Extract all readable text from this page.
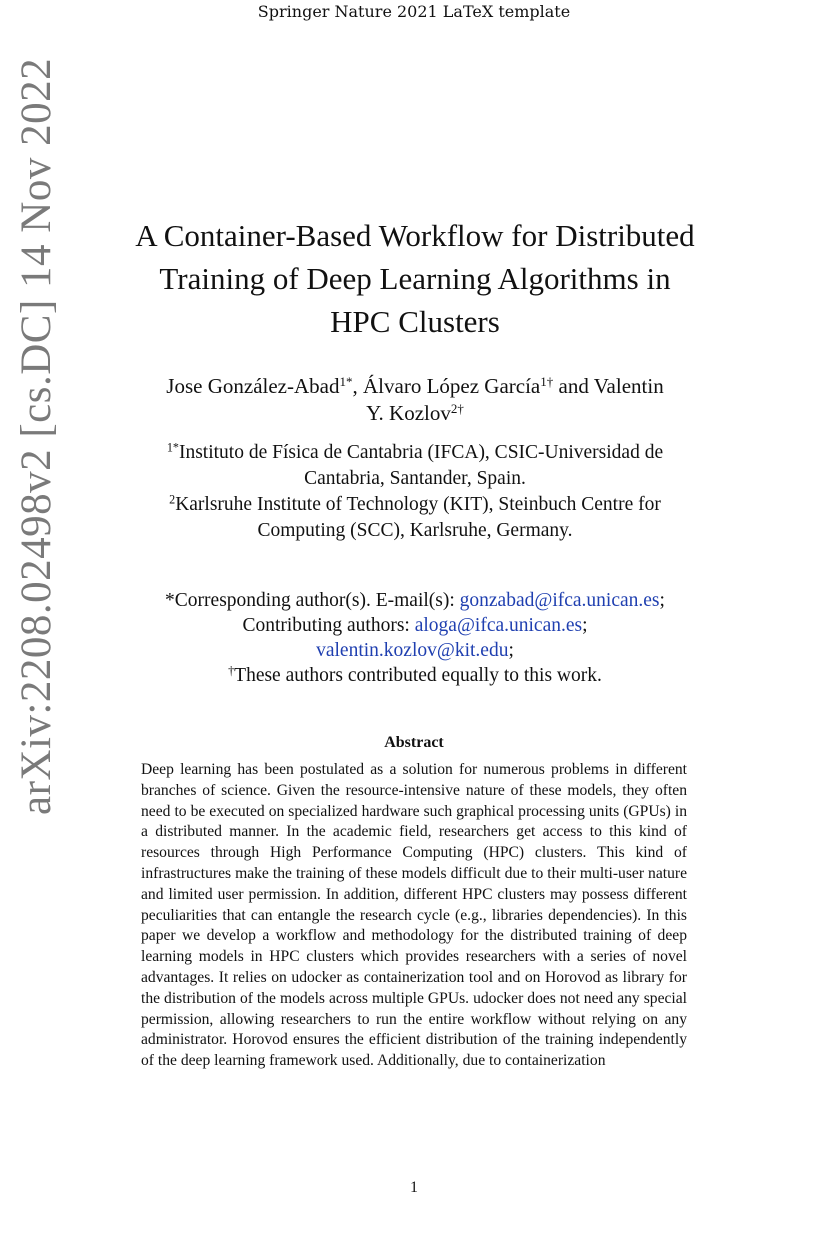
Springer Nature 2021 LaTeX template
arXiv:2208.02498v2 [cs.DC] 14 Nov 2022	A Container-Based Workflow for Distributed
Training of Deep Learning Algorithms in
HPC Clusters
Jose González-Abad$^{1*}$, Álvaro López García$^{1\dagger}$ and Valentin
Y. Kozlov$^{2\dagger}$
$^{1*}$Instituto de Física de Cantabria (IFCA), CSIC-Universidad de
Cantabria, Santander, Spain.
$^2$Karlsruhe Institute of Technology (KIT), Steinbuch Centre for
Computing (SCC), Karlsruhe, Germany.
*Corresponding author(s). E-mail(s): gonzabad@ifca.unican.es;
Contributing authors: aloga@ifca.unican.es;
valentin.kozlov@kit.edu;
†These authors contributed equally to this work.
Abstract
Deep learning has been postulated as a solution for numerous problems in different branches of science. Given the resource-intensive nature of these models, they often need to be executed on specialized hardware such graphical processing units (GPUs) in a distributed manner. In the academic field, researchers get access to this kind of resources through High Performance Computing (HPC) clusters. This kind of infrastructures make the training of these models difficult due to their multi-user nature and limited user permission. In addition, different HPC clusters may possess different peculiarities that can entangle the research cycle (e.g., libraries dependencies). In this paper we develop a workflow and methodology for the distributed training of deep learning models in HPC clusters which provides researchers with a series of novel advantages. It relies on udocker as containerization tool and on Horovod as library for the distribution of the models across multiple GPUs. udocker does not need any special permission, allowing researchers to run the entire workflow without relying on any administrator. Horovod ensures the efficient distribution of the training independently of the deep learning framework used. Additionally, due to containerization
1
